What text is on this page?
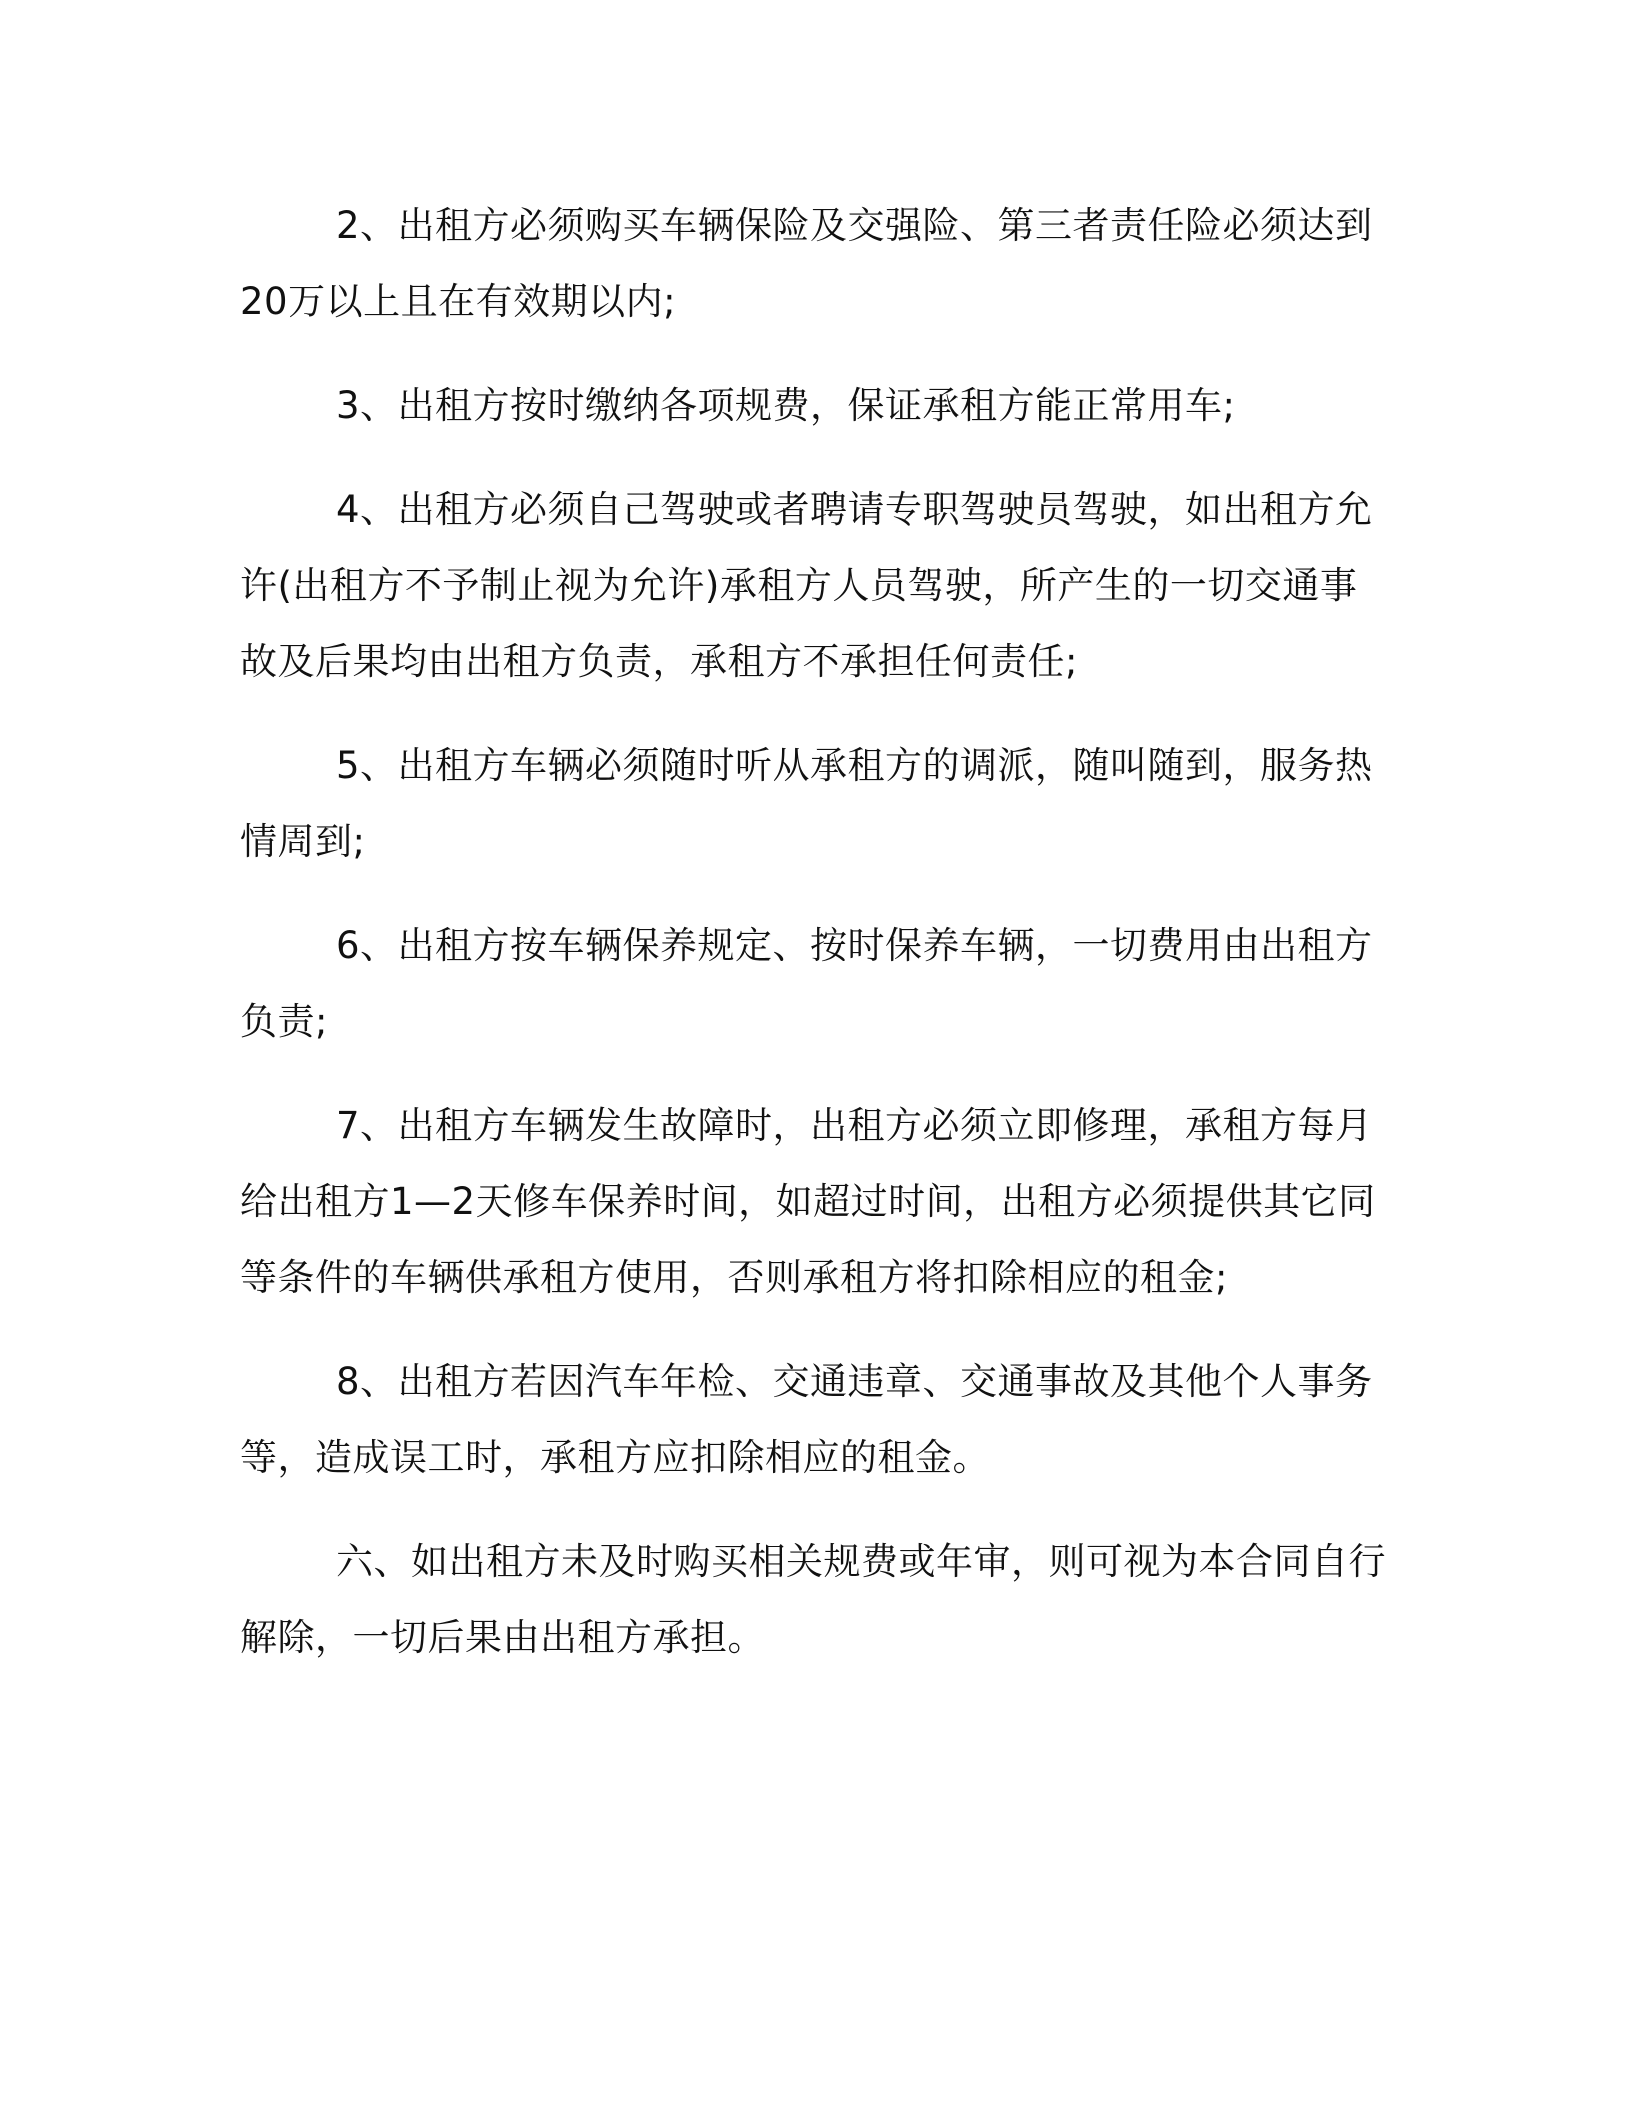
2、出租方必须购买车辆保险及交强险、第三者责任险必须达到20万以上且在有效期以内;

3、出租方按时缴纳各项规费，保证承租方能正常用车;

4、出租方必须自己驾驶或者聘请专职驾驶员驾驶，如出租方允许(出租方不予制止视为允许)承租方人员驾驶，所产生的一切交通事故及后果均由出租方负责，承租方不承担任何责任;

5、出租方车辆必须随时听从承租方的调派，随叫随到，服务热情周到;

6、出租方按车辆保养规定、按时保养车辆，一切费用由出租方负责;

7、出租方车辆发生故障时，出租方必须立即修理，承租方每月给出租方1—2天修车保养时间，如超过时间，出租方必须提供其它同等条件的车辆供承租方使用，否则承租方将扣除相应的租金;

8、出租方若因汽车年检、交通违章、交通事故及其他个人事务等，造成误工时，承租方应扣除相应的租金。

六、如出租方未及时购买相关规费或年审，则可视为本合同自行解除，一切后果由出租方承担。
